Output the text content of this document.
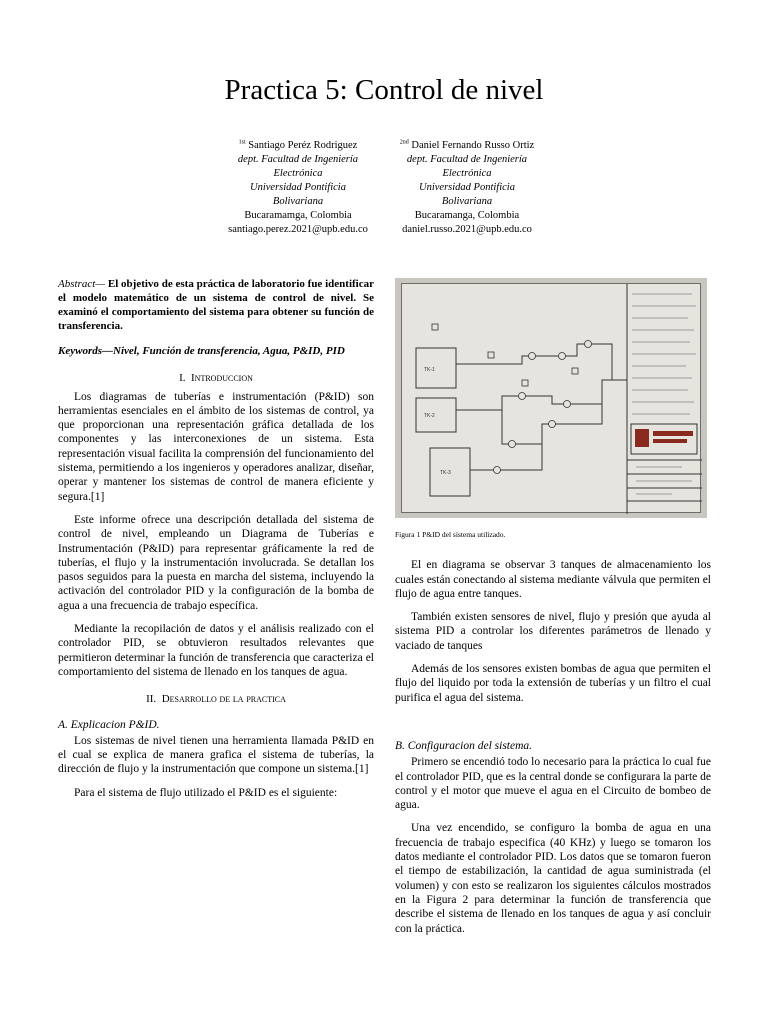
Practica 5: Control de nivel
$^{1st}$ Santiago Peréz Rodriguez
dept. Facultad de Ingeniería
Electrónica
Universidad Pontificia
Bolivariana
Bucaramamga, Colombia
santiago.perez.2021@upb.edu.co
$^{2nd}$ Daniel Fernando Russo Ortiz
dept. Facultad de Ingeniería
Electrónica
Universidad Pontificia
Bolivariana
Bucaramanga, Colombia
daniel.russo.2021@upb.edu.co
Abstract— El objetivo de esta práctica de laboratorio fue identificar el modelo matemático de un sistema de control de nivel. Se examinó el comportamiento del sistema para obtener su función de transferencia.
Keywords—Nivel, Función de transferencia, Agua, P&ID, PID
I. Introduccion

Los diagramas de tuberías e instrumentación (P&ID) son herramientas esenciales en el ámbito de los sistemas de control, ya que proporcionan una representación gráfica detallada de los componentes y las interconexiones de un sistema. Esta representación visual facilita la comprensión del funcionamiento del sistema, permitiendo a los ingenieros y operadores analizar, diseñar, operar y mantener los sistemas de control de manera eficiente y segura.[1]

Este informe ofrece una descripción detallada del sistema de control de nivel, empleando un Diagrama de Tuberías e Instrumentación (P&ID) para representar gráficamente la red de tuberías, el flujo y la instrumentación involucrada. Se detallan los pasos seguidos para la puesta en marcha del sistema, incluyendo la activación del controlador PID y la configuración de la bomba de agua a una frecuencia de trabajo específica.

Mediante la recopilación de datos y el análisis realizado con el controlador PID, se obtuvieron resultados relevantes que permitieron determinar la función de transferencia que caracteriza el comportamiento del sistema de llenado en los tanques de agua.

II. Desarrollo de la practica
A. Explicacion P&ID.

Los sistemas de nivel tienen una herramienta llamada P&ID en el cual se explica de manera grafica el sistema de tuberías, la dirección de flujo y la instrumentación que compone un sistema.[1]

Para el sistema de flujo utilizado el P&ID es el siguiente:

TK-1
TK-2
TK-3
Figura 1 P&ID del sistema utilizado.

El en diagrama se observar 3 tanques de almacenamiento los cuales están conectando al sistema mediante válvula que permiten el flujo de agua entre tanques.

También existen sensores de nivel, flujo y presión que ayuda al sistema PID a controlar los diferentes parámetros de llenado y vaciado de tanques

Además de los sensores existen bombas de agua que permiten el flujo del liquido por toda la extensión de tuberías y un filtro el cual purifica el agua del sistema.

B. Configuracion del sistema.

Primero se encendió todo lo necesario para la práctica lo cual fue el controlador PID, que es la central donde se configurara la parte de control y el motor que mueve el agua en el Circuito de bombeo de agua.

Una vez encendido, se configuro la bomba de agua en una frecuencia de trabajo especifica (40 KHz) y luego se tomaron los datos mediante el controlador PID. Los datos que se tomaron fueron el tiempo de estabilización, la cantidad de agua suministrada (el volumen) y con esto se realizaron los siguientes cálculos mostrados en la Figura 2 para determinar la función de transferencia que describe el sistema de llenado en los tanques de agua y así concluir con la práctica.
